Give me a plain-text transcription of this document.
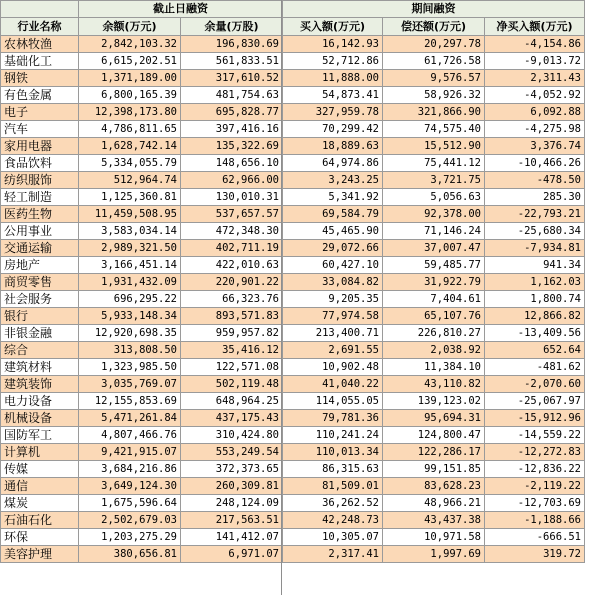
	截止日融资		期间融资		
行业名称	余额(万元)	余量(万股)	买入额(万元)	偿还额(万元)	净买入额(万元)
农林牧渔	2,842,103.32	196,830.69	16,142.93	20,297.78	-4,154.86
基础化工	6,615,202.51	561,833.51	52,712.86	61,726.58	-9,013.72
钢铁	1,371,189.00	317,610.52	11,888.00	9,576.57	2,311.43
有色金属	6,800,165.39	481,754.63	54,873.41	58,926.32	-4,052.92
电子	12,398,173.80	695,828.77	327,959.78	321,866.90	6,092.88
汽车	4,786,811.65	397,416.16	70,299.42	74,575.40	-4,275.98
家用电器	1,628,742.14	135,322.69	18,889.63	15,512.90	3,376.74
食品饮料	5,334,055.79	148,656.10	64,974.86	75,441.12	-10,466.26
纺织服饰	512,964.74	62,966.00	3,243.25	3,721.75	-478.50
轻工制造	1,125,360.81	130,010.31	5,341.92	5,056.63	285.30
医药生物	11,459,508.95	537,657.57	69,584.79	92,378.00	-22,793.21
公用事业	3,583,034.14	472,348.30	45,465.90	71,146.24	-25,680.34
交通运输	2,989,321.50	402,711.19	29,072.66	37,007.47	-7,934.81
房地产	3,166,451.14	422,010.63	60,427.10	59,485.77	941.34
商贸零售	1,931,432.09	220,901.22	33,084.82	31,922.79	1,162.03
社会服务	696,295.22	66,323.76	9,205.35	7,404.61	1,800.74
银行	5,933,148.34	893,571.83	77,974.58	65,107.76	12,866.82
非银金融	12,920,698.35	959,957.82	213,400.71	226,810.27	-13,409.56
综合	313,808.50	35,416.12	2,691.55	2,038.92	652.64
建筑材料	1,323,985.50	122,571.08	10,902.48	11,384.10	-481.62
建筑装饰	3,035,769.07	502,119.48	41,040.22	43,110.82	-2,070.60
电力设备	12,155,853.69	648,964.25	114,055.05	139,123.02	-25,067.97
机械设备	5,471,261.84	437,175.43	79,781.36	95,694.31	-15,912.96
国防军工	4,807,466.76	310,424.80	110,241.24	124,800.47	-14,559.22
计算机	9,421,915.07	553,249.54	110,013.34	122,286.17	-12,272.83
传媒	3,684,216.86	372,373.65	86,315.63	99,151.85	-12,836.22
通信	3,649,124.30	260,309.81	81,509.01	83,628.23	-2,119.22
煤炭	1,675,596.64	248,124.09	36,262.52	48,966.21	-12,703.69
石油石化	2,502,679.03	217,563.51	42,248.73	43,437.38	-1,188.66
环保	1,203,275.29	141,412.07	10,305.07	10,971.58	-666.51
美容护理	380,656.81	6,971.07	2,317.41	1,997.69	319.72
